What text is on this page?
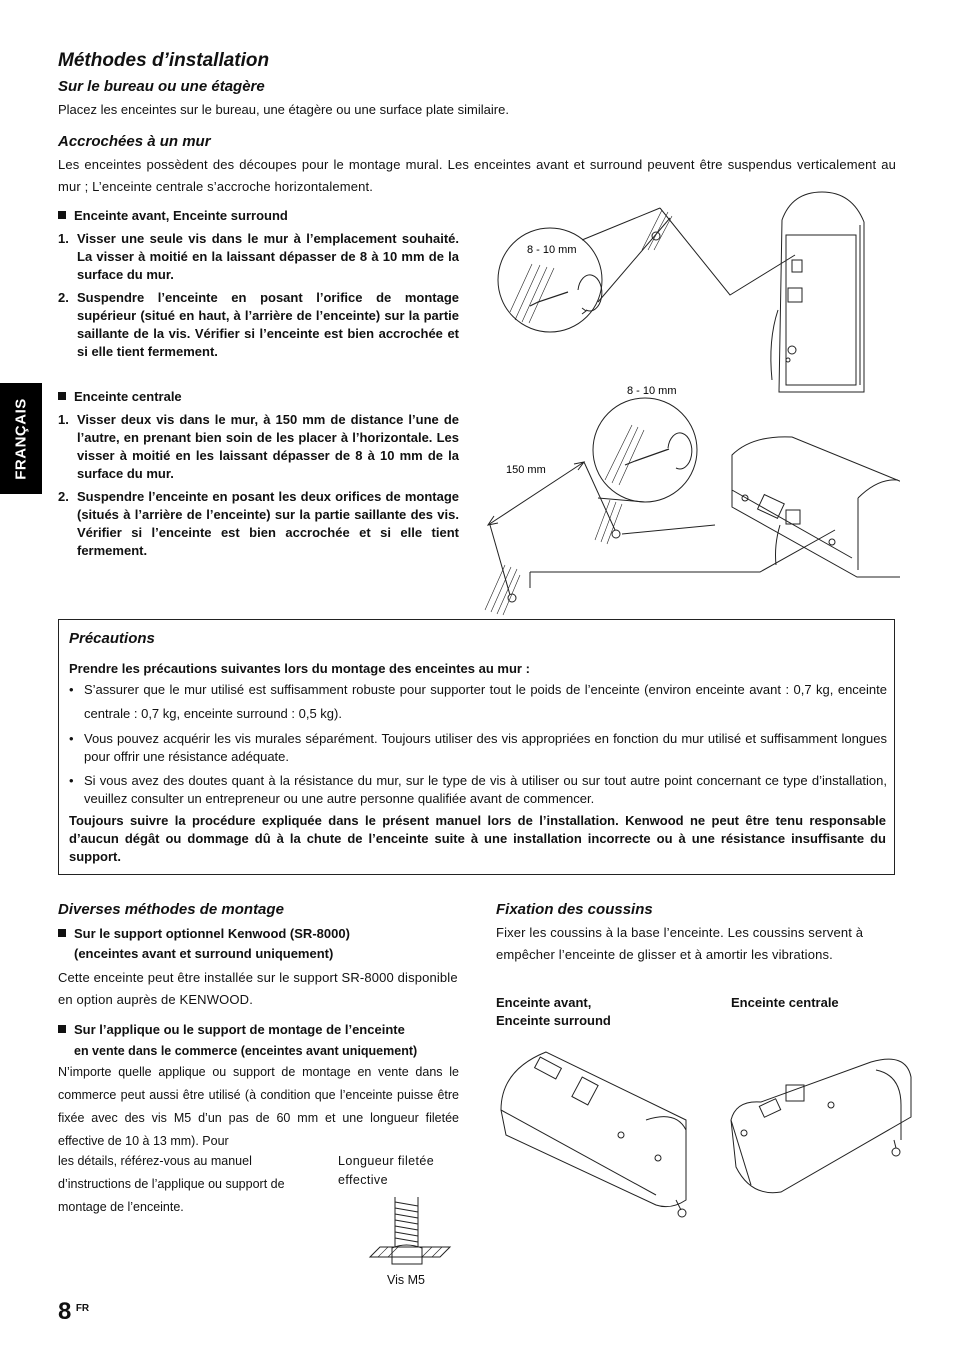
Méthodes d’installation
Sur le bureau ou une étagère
Placez les enceintes sur le bureau, une étagère ou une surface plate similaire.
Accrochées à un mur
Les enceintes possèdent des découpes pour le montage mural. Les enceintes avant et surround peuvent être suspendus verticalement au mur ; L’enceinte centrale s’accroche horizontalement.
Enceinte avant, Enceinte surround
1. Visser une seule vis dans le mur à l’emplacement souhaité. La visser à moitié en la laissant dépasser de 8 à 10 mm de la surface du mur.
2. Suspendre l’enceinte en posant l’orifice de montage supérieur (situé en haut, à l’arrière de l’enceinte) sur la partie saillante de la vis. Vérifier si l’enceinte est bien accrochée et si elle tient fermement.
Enceinte centrale
1. Visser deux vis dans le mur, à 150 mm de distance l’une de l’autre, en prenant bien soin de les placer à l’horizontale. Les visser à moitié en les laissant dépasser de 8 à 10 mm de la surface du mur.
2. Suspendre l’enceinte en posant les deux orifices de montage (situés à l’arrière de l’enceinte) sur la partie saillante des vis. Vérifier si l’enceinte est bien accrochée et si elle tient fermement.
FRANÇAIS
8 - 10 mm
8 - 10 mm
150 mm
Précautions
Prendre les précautions suivantes lors du montage des enceintes au mur :
• S’assurer que le mur utilisé est suffisamment robuste pour supporter tout le poids de l’enceinte (environ enceinte avant : 0,7 kg, enceinte centrale : 0,7 kg, enceinte surround : 0,5 kg).
• Vous pouvez acquérir les vis murales séparément. Toujours utiliser des vis appropriées en fonction du mur utilisé et suffisamment longues pour offrir une résistance adéquate.
• Si vous avez des doutes quant à la résistance du mur, sur le type de vis à utiliser ou sur tout autre point concernant ce type d’installation, veuillez consulter un entrepreneur ou une autre personne qualifiée avant de commencer.
Toujours suivre la procédure expliquée dans le présent manuel lors de l’installation. Kenwood ne peut être tenu responsable d’aucun dégât ou dommage dû à la chute de l’enceinte suite à une installation incorrecte ou à une résistance insuffisante du support.
Diverses méthodes de montage
Sur le support optionnel Kenwood (SR-8000)
(enceintes avant et surround uniquement)
Cette enceinte peut être installée sur le support SR-8000 disponible en option auprès de KENWOOD.
Sur l’applique ou le support de montage de l’enceinte
en vente dans le commerce (enceintes avant uniquement)
N’importe quelle applique ou support de montage en vente dans le commerce peut aussi être utilisé (à condition que l’enceinte puisse être fixée avec des vis M5 d’un pas de 60 mm et une longueur filetée effective de 10 à 13 mm). Pour
les détails, référez-vous au manuel d’instructions de l’applique ou support de montage de l’enceinte.
Longueur filetée effective
Vis M5
Fixation des coussins
Fixer les coussins à la base l’enceinte. Les coussins servent à empêcher l’enceinte de glisser et à amortir les vibrations.
Enceinte avant, Enceinte surround
Enceinte centrale
8 $^{FR}$
